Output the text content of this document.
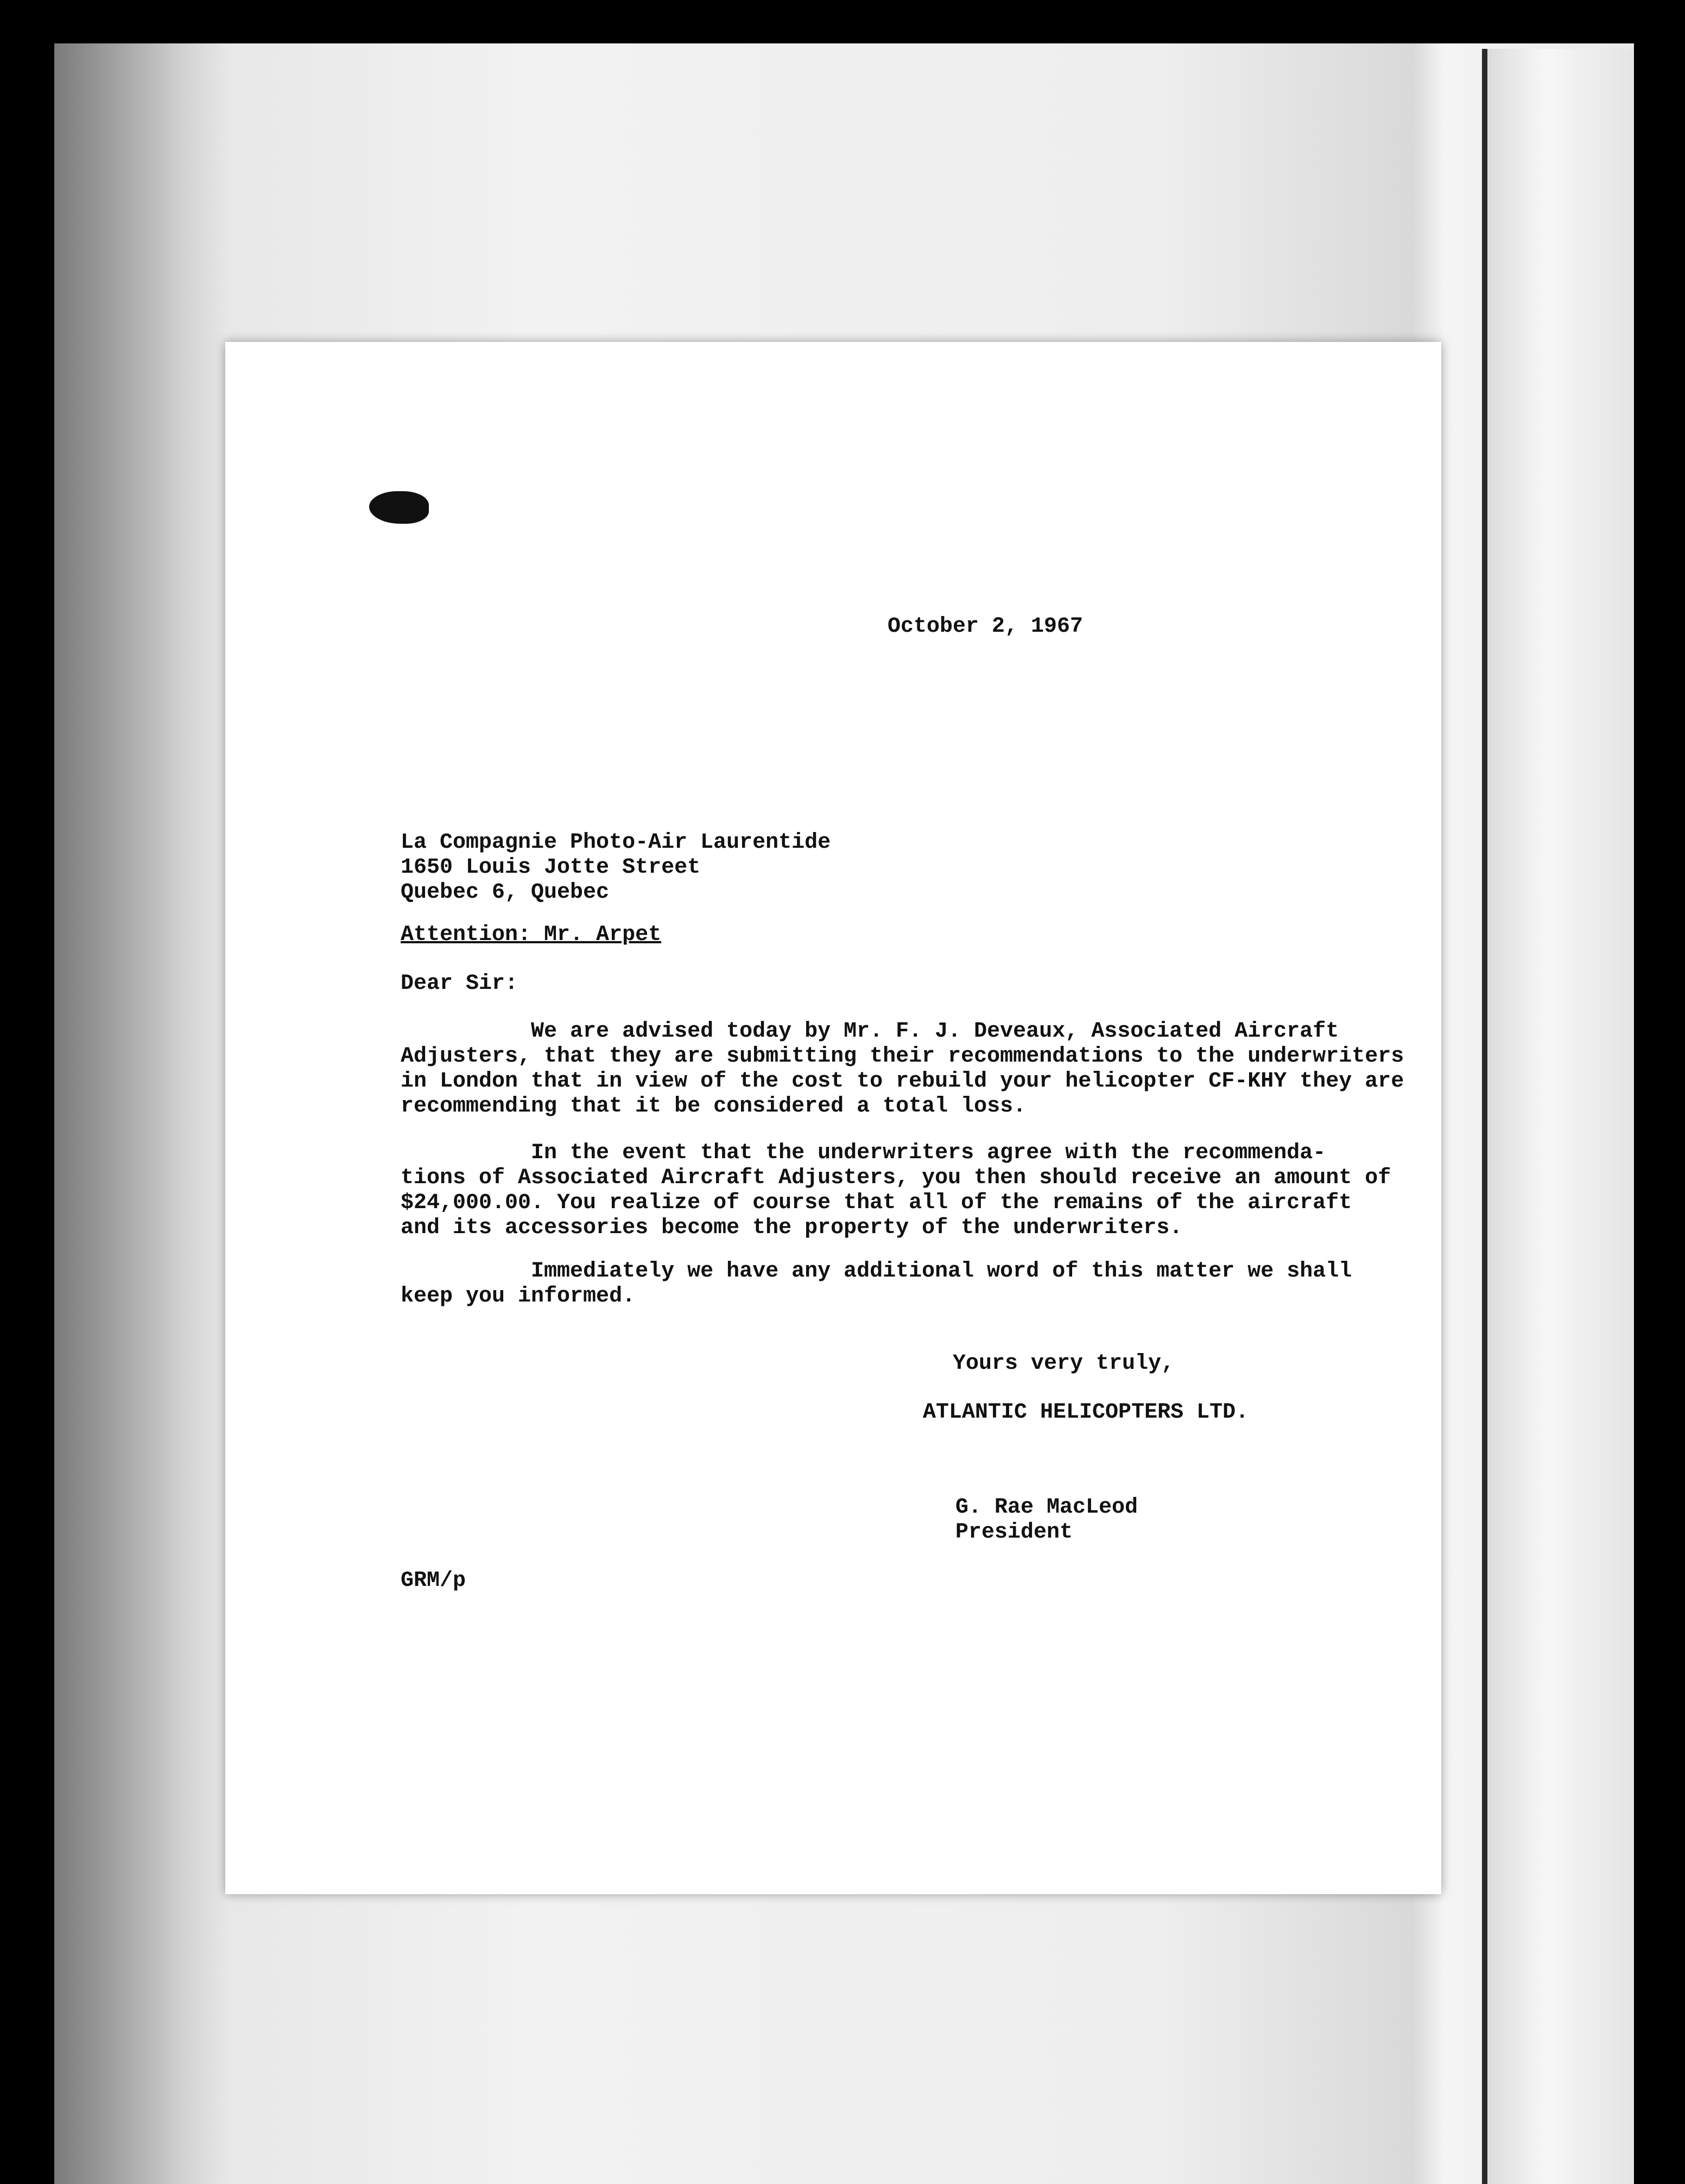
October 2, 1967
La Compagnie Photo-Air Laurentide
1650 Louis Jotte Street
Quebec 6, Quebec
Attention: Mr. Arpet
Dear Sir:
We are advised today by Mr. F. J. Deveaux, Associated Aircraft
Adjusters, that they are submitting their recommendations to the underwriters
in London that in view of the cost to rebuild your helicopter CF-KHY they are
recommending that it be considered a total loss.
In the event that the underwriters agree with the recommenda-
tions of Associated Aircraft Adjusters, you then should receive an amount of
$24,000.00. You realize of course that all of the remains of the aircraft
and its accessories become the property of the underwriters.
Immediately we have any additional word of this matter we shall
keep you informed.
Yours very truly,
ATLANTIC HELICOPTERS LTD.
G. Rae MacLeod
President
GRM/p
